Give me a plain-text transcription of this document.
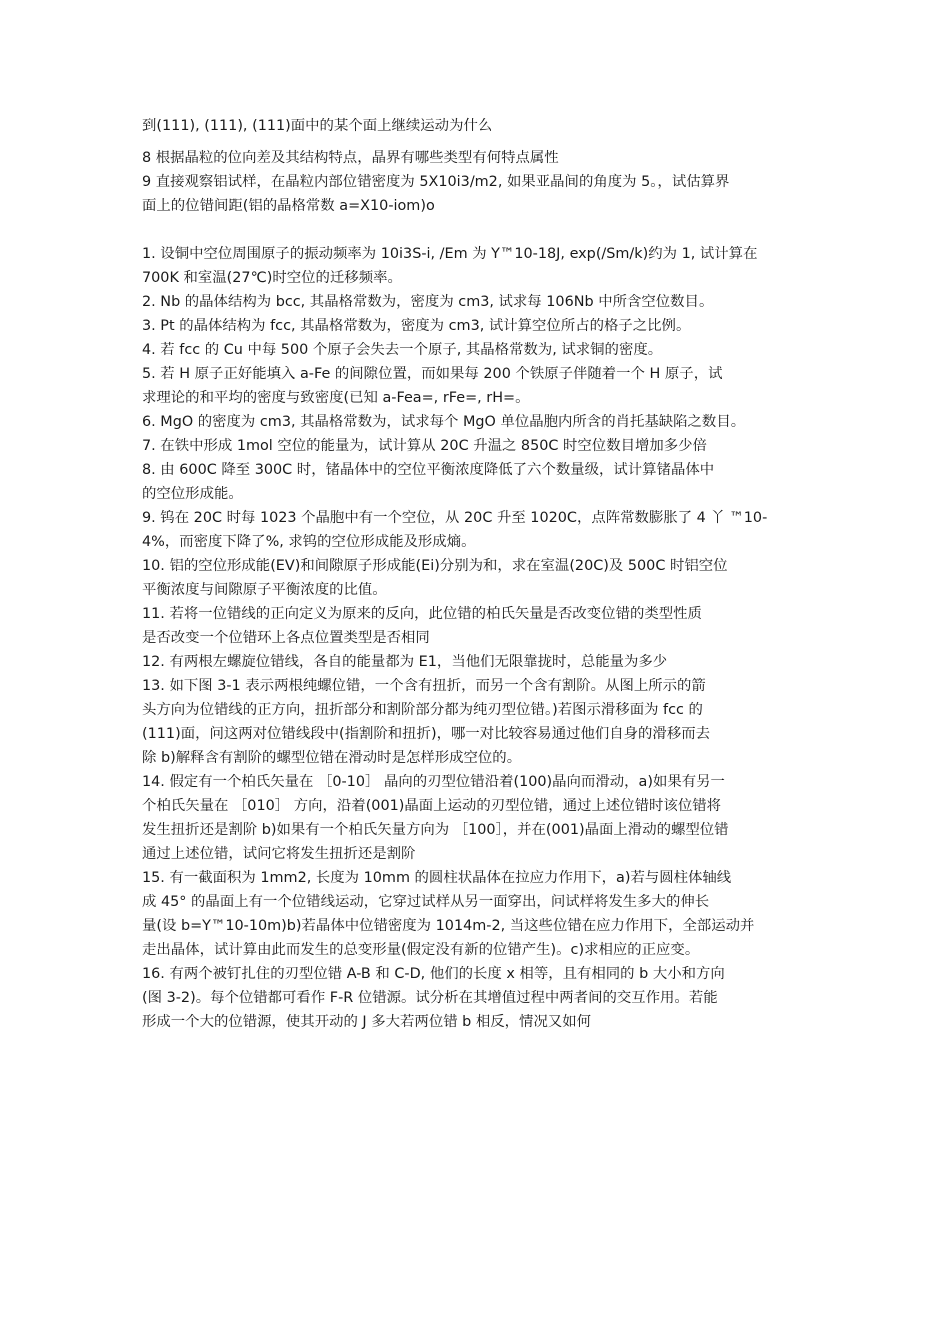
到(111), (111), (111)面中的某个面上继续运动为什么

8 根据晶粒的位向差及其结构特点，晶界有哪些类型有何特点属性

9 直接观察铝试样，在晶粒内部位错密度为 5X10i3/m2, 如果亚晶间的角度为 5。，试估算界
面上的位错间距(铝的晶格常数 a=X10-iom)o

1. 设铜中空位周围原子的振动频率为 10i3S-i, /Em 为 Y™10-18J, exp(/Sm/k)约为 1, 试计算在
700K 和室温(27℃)时空位的迁移频率。

2. Nb 的晶体结构为 bcc, 其晶格常数为，密度为 cm3, 试求每 106Nb 中所含空位数目。

3. Pt 的晶体结构为 fcc, 其晶格常数为，密度为 cm3, 试计算空位所占的格子之比例。

4. 若 fcc 的 Cu 中每 500 个原子会失去一个原子, 其晶格常数为, 试求铜的密度。

5. 若 H 原子正好能填入 a-Fe 的间隙位置，而如果每 200 个铁原子伴随着一个 H 原子，试
求理论的和平均的密度与致密度(已知 a-Fea=, rFe=, rH=。

6. MgO 的密度为 cm3, 其晶格常数为，试求每个 MgO 单位晶胞内所含的肖托基缺陷之数目。

7. 在铁中形成 1mol 空位的能量为，试计算从 20C 升温之 850C 时空位数目增加多少倍

8. 由 600C 降至 300C 时，锗晶体中的空位平衡浓度降低了六个数量级，试计算锗晶体中
的空位形成能。

9. 钨在 20C 时每 1023 个晶胞中有一个空位，从 20C 升至 1020C，点阵常数膨胀了 4 丫 ™10-
4%，而密度下降了%, 求钨的空位形成能及形成熵。

10. 铝的空位形成能(EV)和间隙原子形成能(Ei)分别为和，求在室温(20C)及 500C 时铝空位
平衡浓度与间隙原子平衡浓度的比值。

11. 若将一位错线的正向定义为原来的反向，此位错的柏氏矢量是否改变位错的类型性质
是否改变一个位错环上各点位置类型是否相同

12. 有两根左螺旋位错线，各自的能量都为 E1，当他们无限靠拢时，总能量为多少

13. 如下图 3-1 表示两根纯螺位错，一个含有扭折，而另一个含有割阶。从图上所示的箭
头方向为位错线的正方向，扭折部分和割阶部分都为纯刃型位错。)若图示滑移面为 fcc 的
(111)面，问这两对位错线段中(指割阶和扭折)，哪一对比较容易通过他们自身的滑移而去
除 b)解释含有割阶的螺型位错在滑动时是怎样形成空位的。

14. 假定有一个柏氏矢量在 ［0-10］ 晶向的刃型位错沿着(100)晶向而滑动，a)如果有另一
个柏氏矢量在 ［010］ 方向，沿着(001)晶面上运动的刃型位错，通过上述位错时该位错将
发生扭折还是割阶 b)如果有一个柏氏矢量方向为 ［100］，并在(001)晶面上滑动的螺型位错
通过上述位错，试问它将发生扭折还是割阶

15. 有一截面积为 1mm2, 长度为 10mm 的圆柱状晶体在拉应力作用下，a)若与圆柱体轴线
成 45° 的晶面上有一个位错线运动，它穿过试样从另一面穿出，问试样将发生多大的伸长
量(设 b=Y™10-10m)b)若晶体中位错密度为 1014m-2, 当这些位错在应力作用下，全部运动并
走出晶体，试计算由此而发生的总变形量(假定没有新的位错产生)。c)求相应的正应变。

16. 有两个被钉扎住的刃型位错 A-B 和 C-D, 他们的长度 x 相等，且有相同的 b 大小和方向
(图 3-2)。每个位错都可看作 F-R 位错源。试分析在其增值过程中两者间的交互作用。若能
形成一个大的位错源，使其开动的 J 多大若两位错 b 相反，情况又如何
